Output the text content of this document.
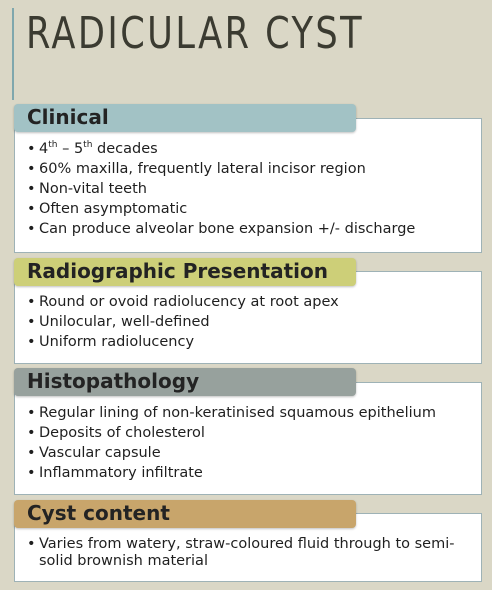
RADICULAR CYST
• 4th – 5th decades
• 60% maxilla, frequently lateral incisor region
• Non-vital teeth
• Often asymptomatic
• Can produce alveolar bone expansion +/- discharge
Clinical
• Round or ovoid radiolucency at root apex
• Unilocular, well-defined
• Uniform radiolucency
Radiographic Presentation
• Regular lining of non-keratinised squamous epithelium
• Deposits of cholesterol
• Vascular capsule
• Inflammatory infiltrate
Histopathology
• Varies from watery, straw-coloured fluid through to semi-solid brownish material
Cyst content
